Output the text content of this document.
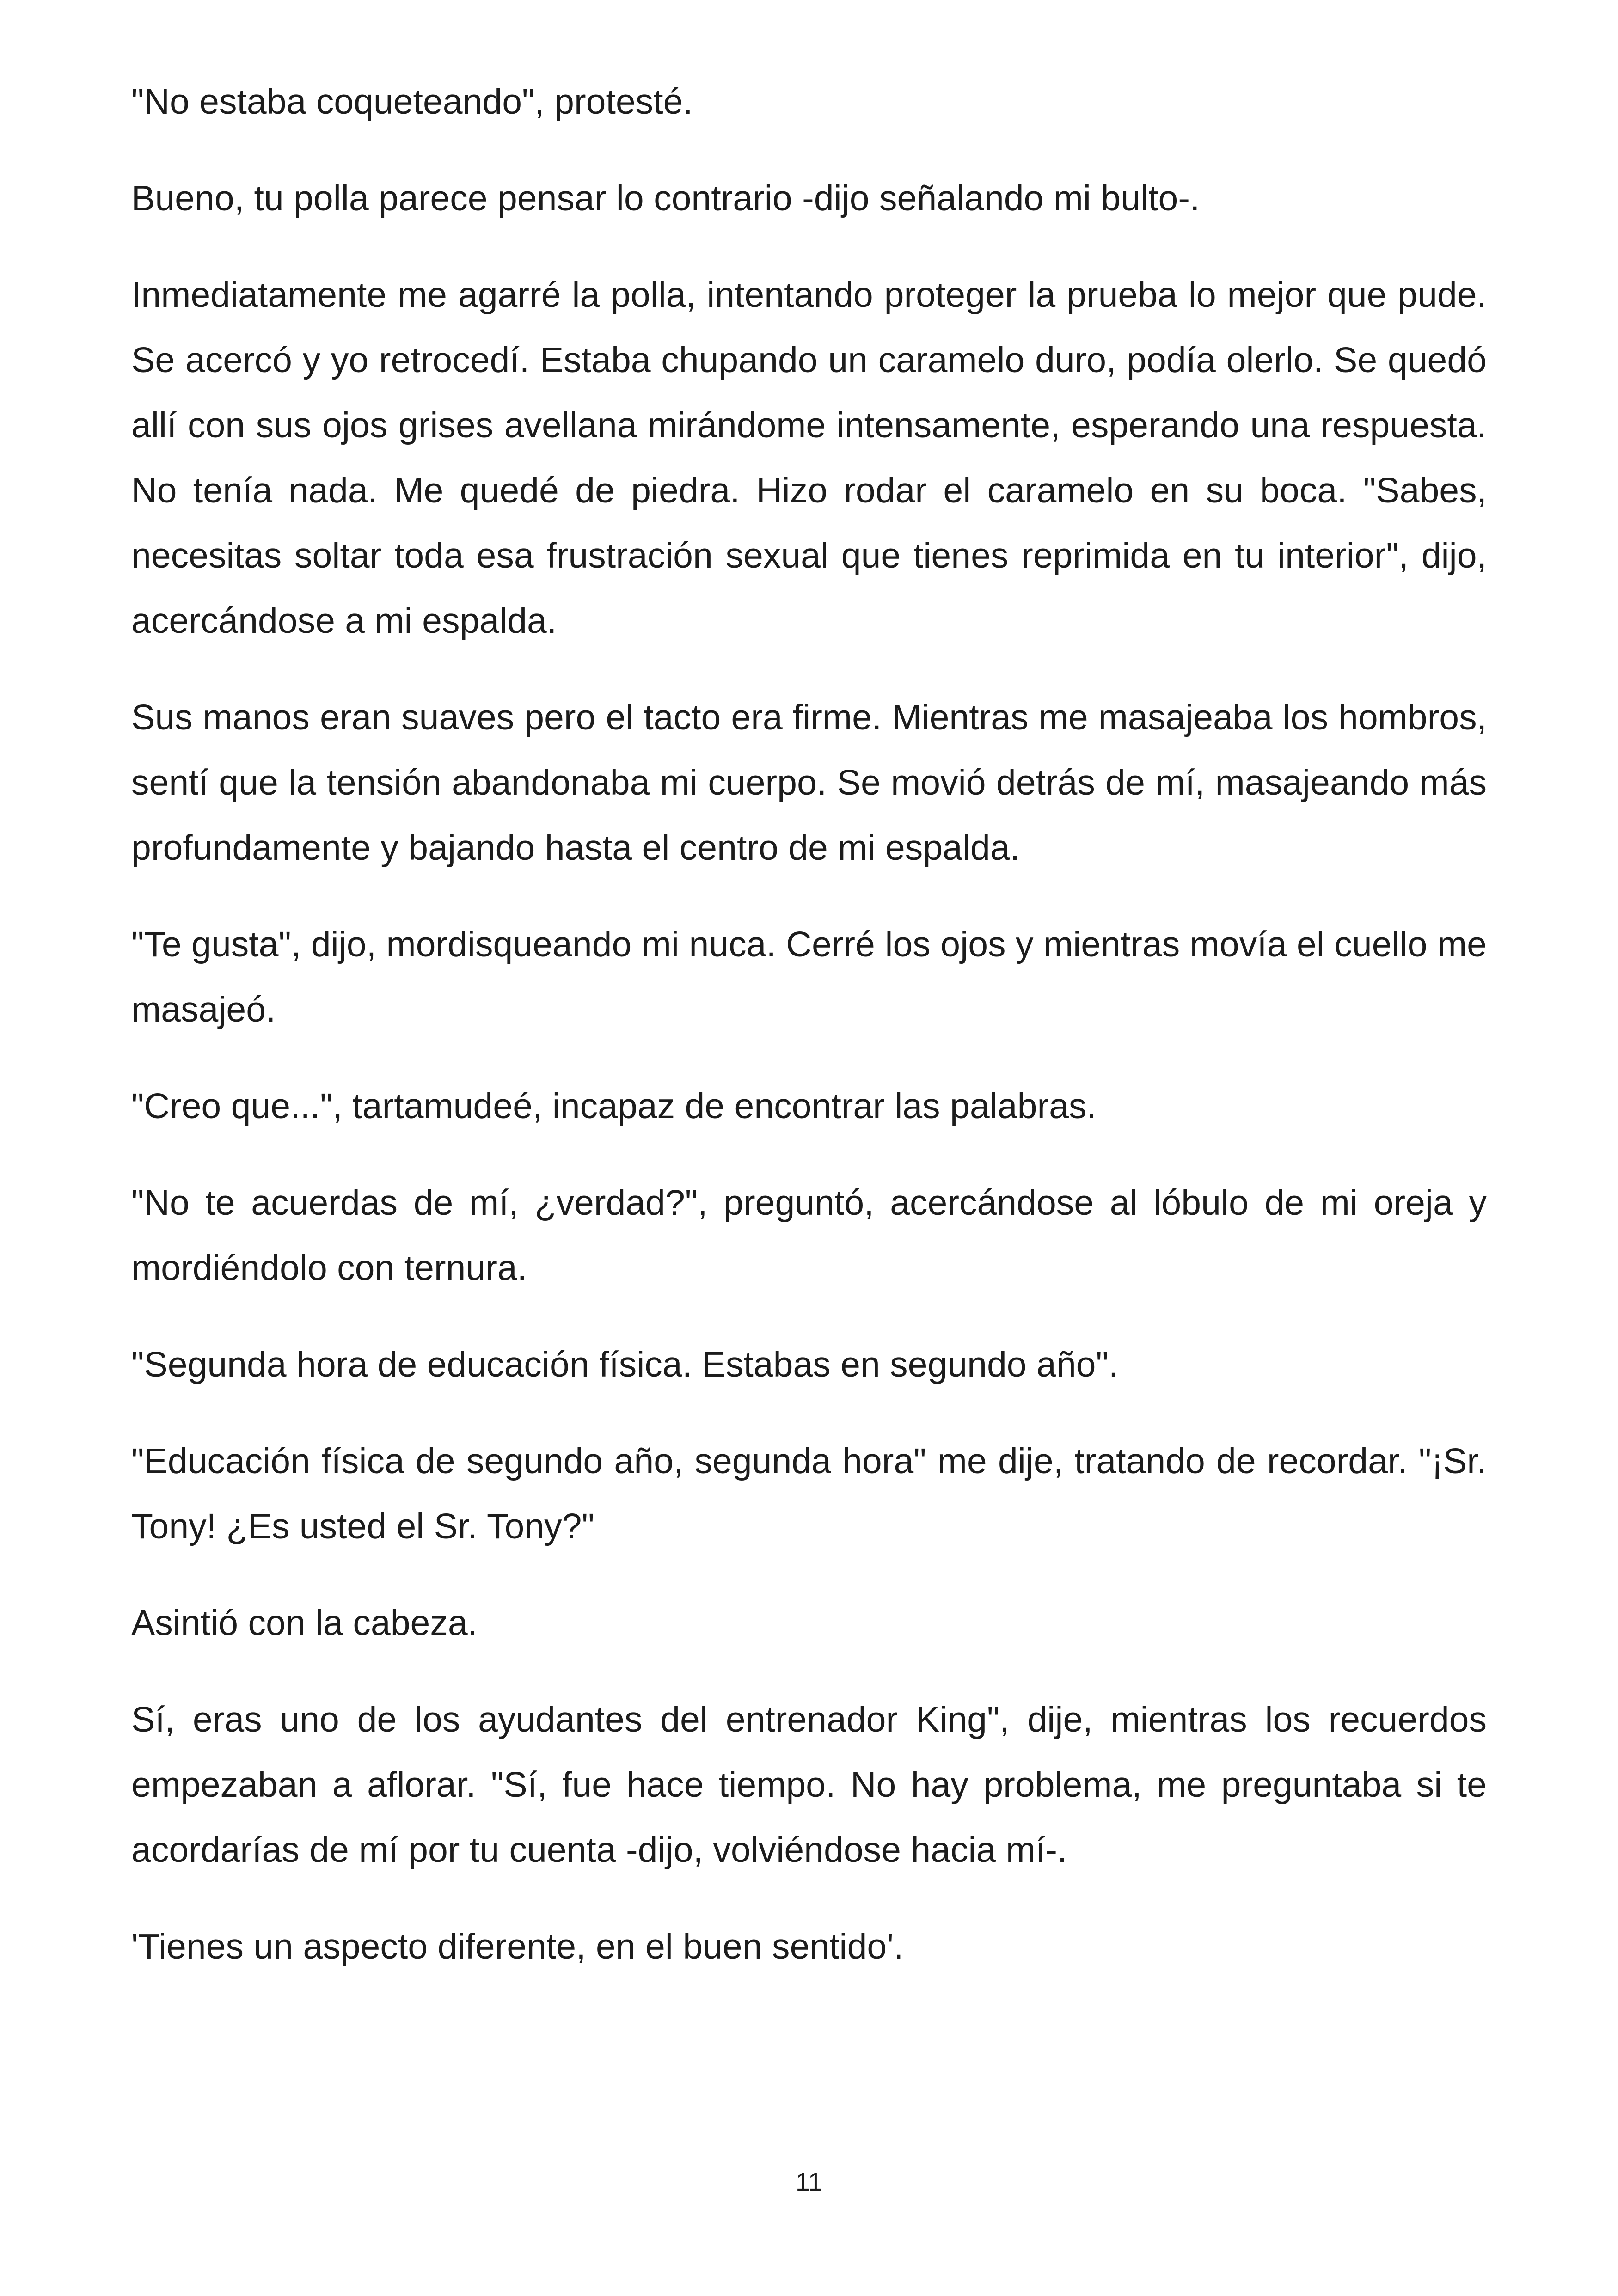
"No estaba coqueteando", protesté.

Bueno, tu polla parece pensar lo contrario -dijo señalando mi bulto-.

Inmediatamente me agarré la polla, intentando proteger la prueba lo mejor que pude. Se acercó y yo retrocedí. Estaba chupando un caramelo duro, podía olerlo. Se quedó allí con sus ojos grises avellana mirándome intensamente, esperando una respuesta. No tenía nada. Me quedé de piedra. Hizo rodar el caramelo en su boca. "Sabes, necesitas soltar toda esa frustración sexual que tienes reprimida en tu interior", dijo, acercándose a mi espalda.

Sus manos eran suaves pero el tacto era firme. Mientras me masajeaba los hombros, sentí que la tensión abandonaba mi cuerpo. Se movió detrás de mí, masajeando más profundamente y bajando hasta el centro de mi espalda.

"Te gusta", dijo, mordisqueando mi nuca. Cerré los ojos y mientras movía el cuello me masajeó.

"Creo que...", tartamudeé, incapaz de encontrar las palabras.

"No te acuerdas de mí, ¿verdad?", preguntó, acercándose al lóbulo de mi oreja y mordiéndolo con ternura.

"Segunda hora de educación física. Estabas en segundo año".

"Educación física de segundo año, segunda hora" me dije, tratando de recordar. "¡Sr. Tony! ¿Es usted el Sr. Tony?"

Asintió con la cabeza.

Sí, eras uno de los ayudantes del entrenador King", dije, mientras los recuerdos empezaban a aflorar. "Sí, fue hace tiempo. No hay problema, me preguntaba si te acordarías de mí por tu cuenta -dijo, volviéndose hacia mí-.

'Tienes un aspecto diferente, en el buen sentido'.

11
